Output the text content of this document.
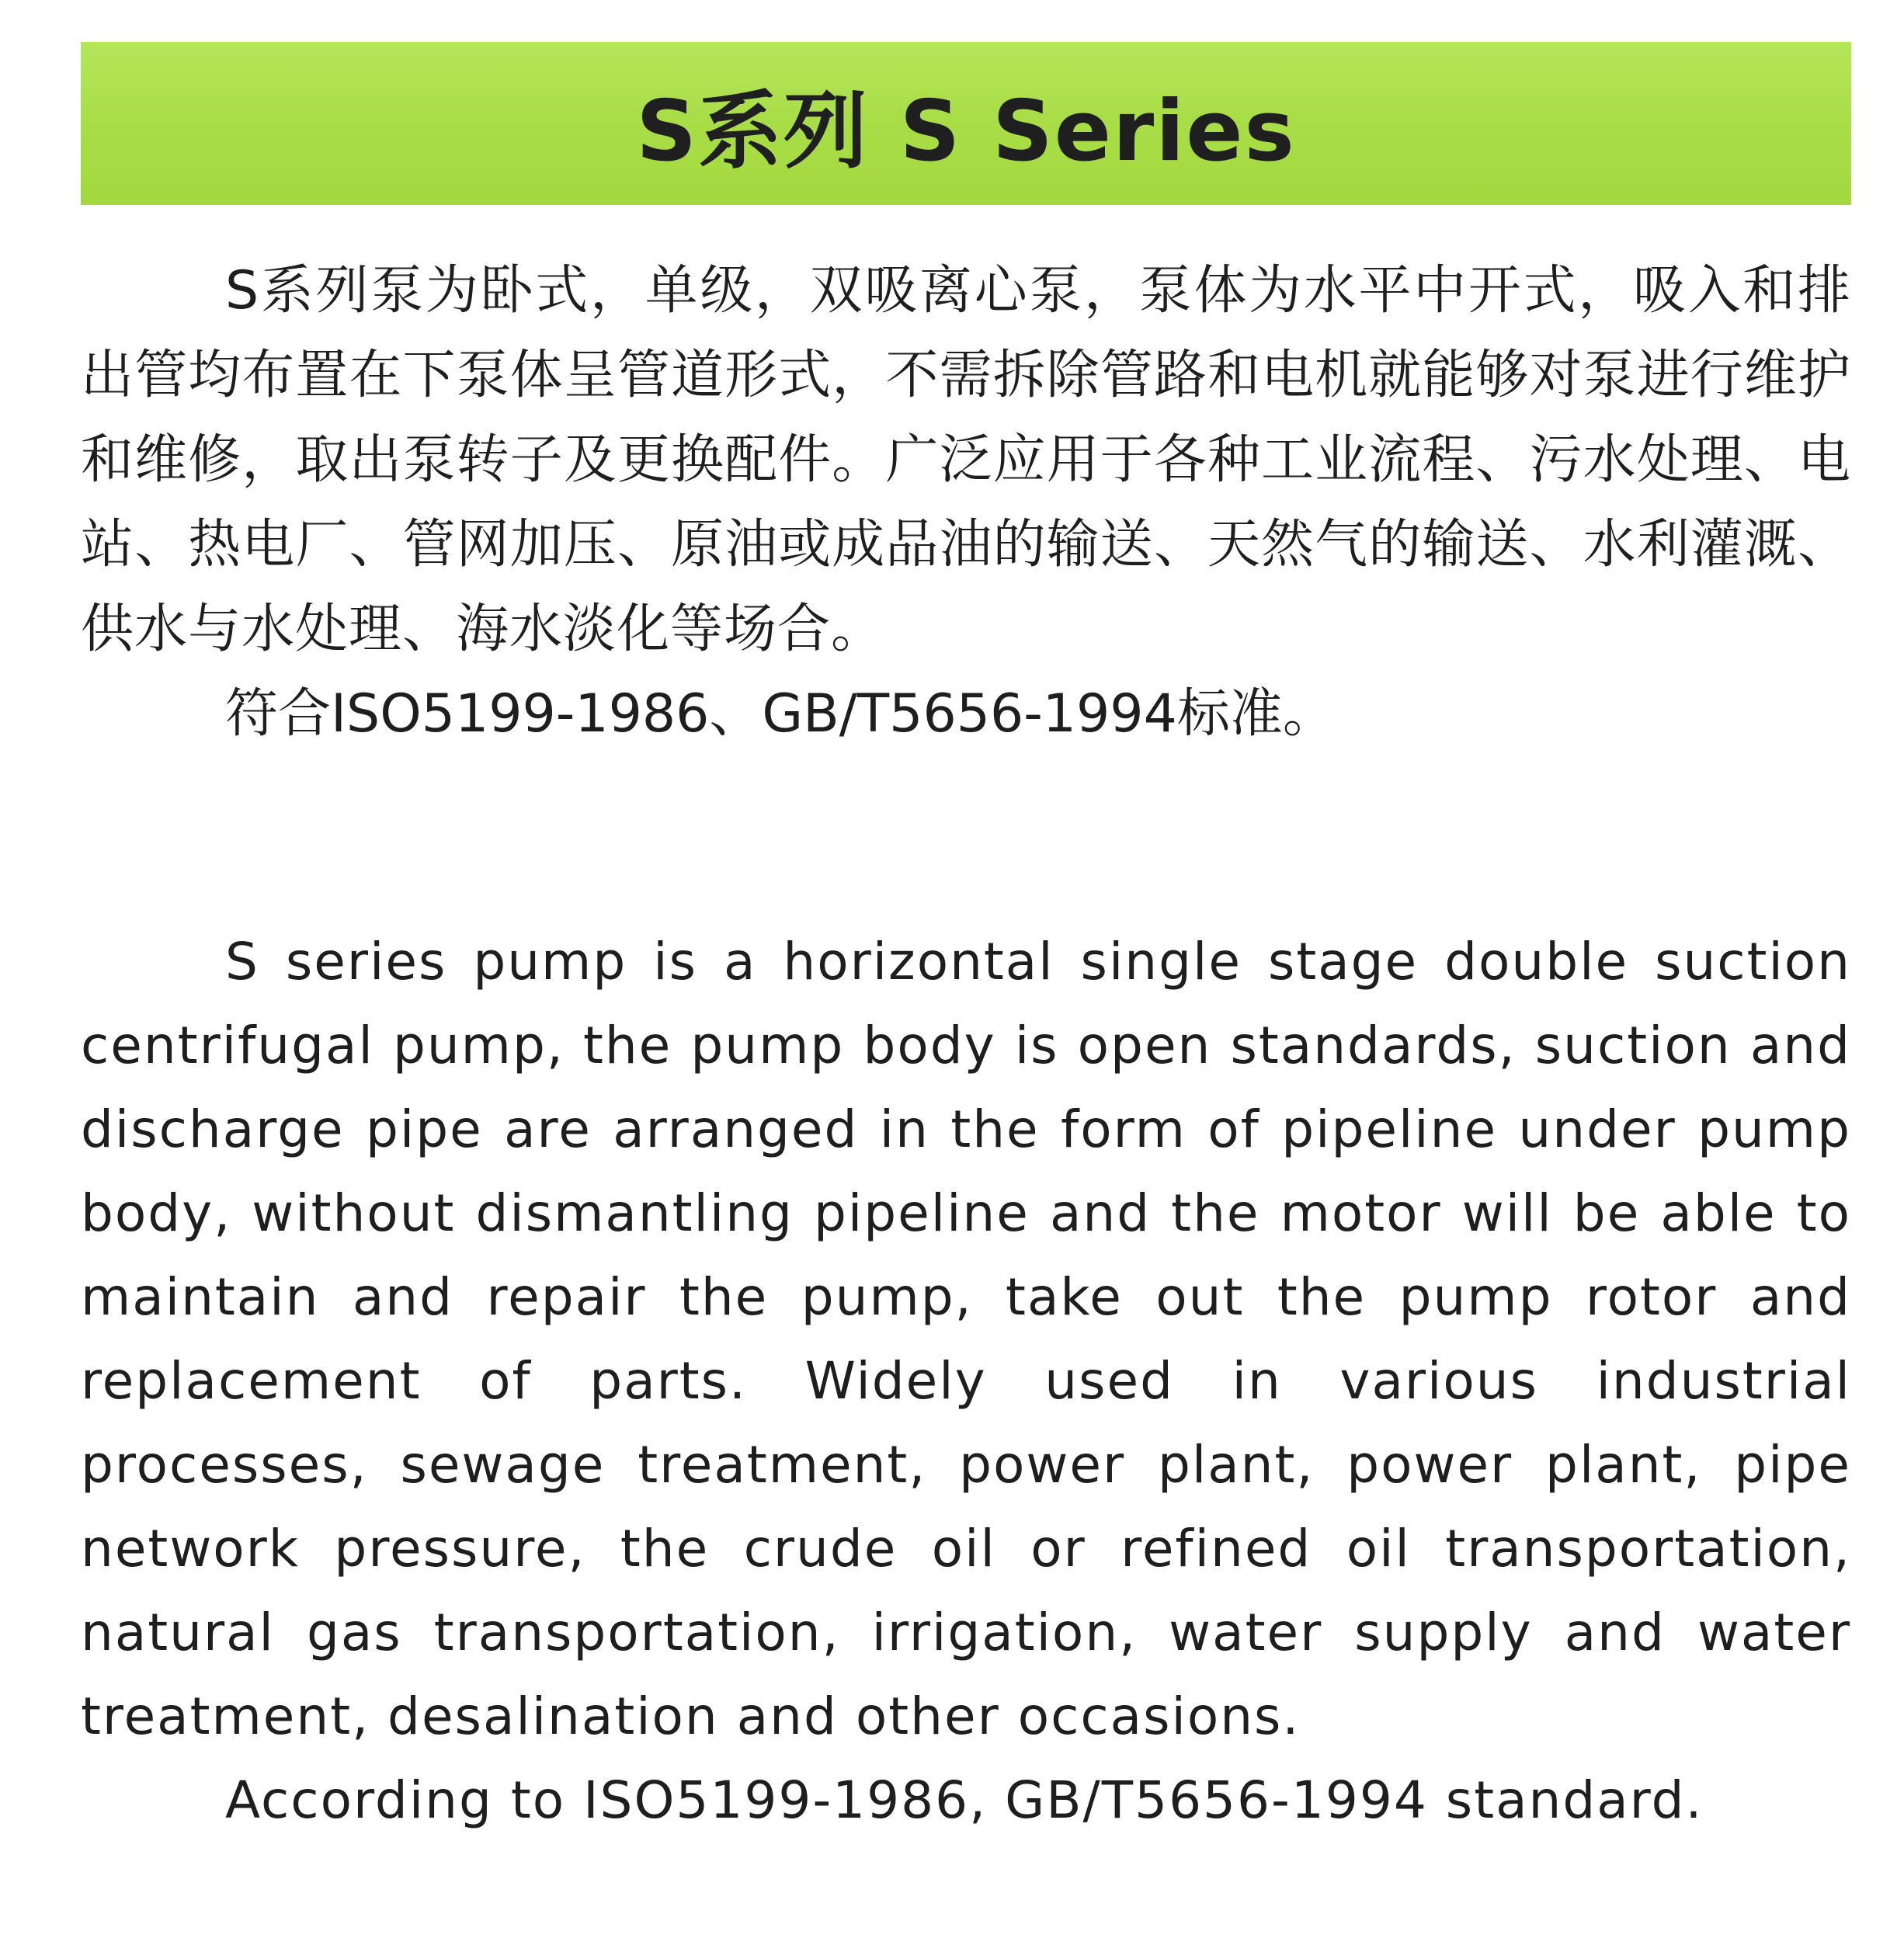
S系列 S Series

S系列泵为卧式，单级，双吸离心泵，泵体为水平中开式，吸入和排出管均布置在下泵体呈管道形式，不需拆除管路和电机就能够对泵进行维护和维修，取出泵转子及更换配件。广泛应用于各种工业流程、污水处理、电站、热电厂、管网加压、原油或成品油的输送、天然气的输送、水利灌溉、供水与水处理、海水淡化等场合。

符合ISO5199-1986、GB/T5656-1994标准。

S series pump is a horizontal single stage double suction centrifugal pump, the pump body is open standards, suction and discharge pipe are arranged in the form of pipeline under pump body, without dismantling pipeline and the motor will be able to maintain and repair the pump, take out the pump rotor and replacement of parts. Widely used in various industrial processes, sewage treatment, power plant, power plant, pipe network pressure, the crude oil or refined oil transportation, natural gas transportation, irrigation, water supply and water treatment, desalination and other occasions.

According to ISO5199-1986, GB/T5656-1994 standard.
